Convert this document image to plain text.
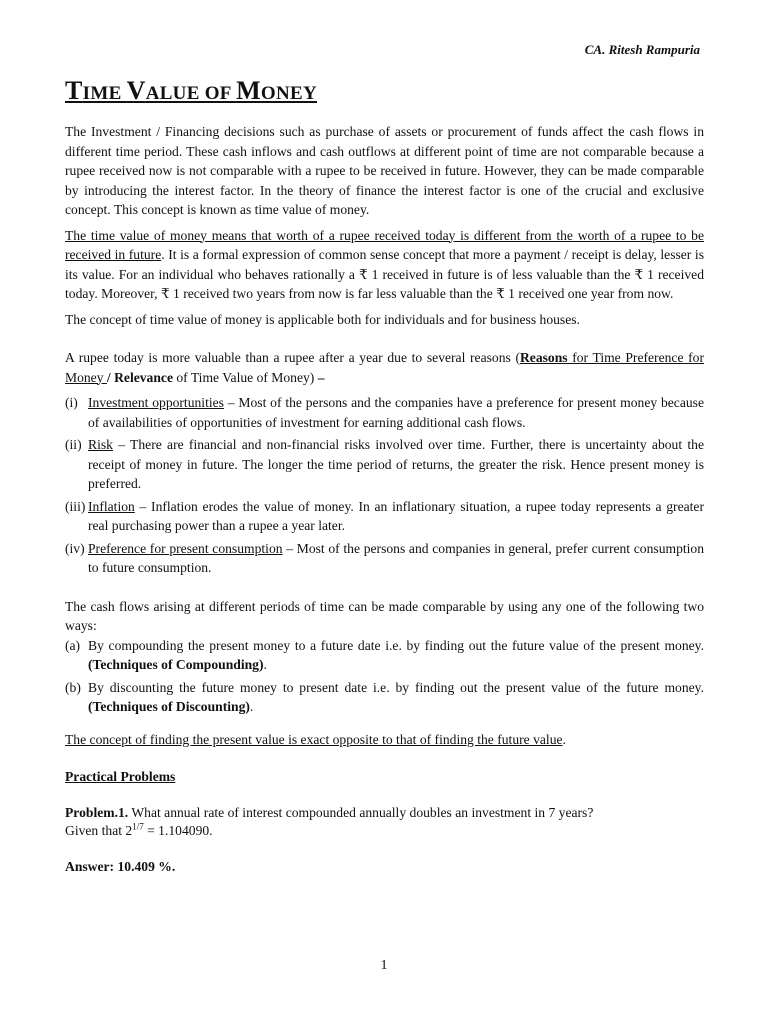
CA. Ritesh Rampuria
TIME VALUE OF MONEY

The Investment / Financing decisions such as purchase of assets or procurement of funds affect the cash flows in different time period. These cash inflows and cash outflows at different point of time are not comparable because a rupee received now is not comparable with a rupee to be received in future. However, they can be made comparable by introducing the interest factor. In the theory of finance the interest factor is one of the crucial and exclusive concept. This concept is known as time value of money.

The time value of money means that worth of a rupee received today is different from the worth of a rupee to be received in future. It is a formal expression of common sense concept that more a payment / receipt is delay, lesser is its value. For an individual who behaves rationally a ₹ 1 received in future is of less valuable than the ₹ 1 received today. Moreover, ₹ 1 received two years from now is far less valuable than the ₹ 1 received one year from now.

The concept of time value of money is applicable both for individuals and for business houses.

A rupee today is more valuable than a rupee after a year due to several reasons (Reasons for Time Preference for Money / Relevance of Time Value of Money) –

(i) Investment opportunities – Most of the persons and the companies have a preference for present money because of availabilities of opportunities of investment for earning additional cash flows.
(ii) Risk – There are financial and non-financial risks involved over time. Further, there is uncertainty about the receipt of money in future. The longer the time period of returns, the greater the risk. Hence present money is preferred.
(iii) Inflation – Inflation erodes the value of money. In an inflationary situation, a rupee today represents a greater real purchasing power than a rupee a year later.
(iv) Preference for present consumption – Most of the persons and companies in general, prefer current consumption to future consumption.

The cash flows arising at different periods of time can be made comparable by using any one of the following two ways:

(a) By compounding the present money to a future date i.e. by finding out the future value of the present money. (Techniques of Compounding).
(b) By discounting the future money to present date i.e. by finding out the present value of the future money. (Techniques of Discounting).

The concept of finding the present value is exact opposite to that of finding the future value.

Practical Problems
Problem.1. What annual rate of interest compounded annually doubles an investment in 7 years?
Given that $2^{1/7} = 1.104090$.
Answer: 10.409 %.
1
